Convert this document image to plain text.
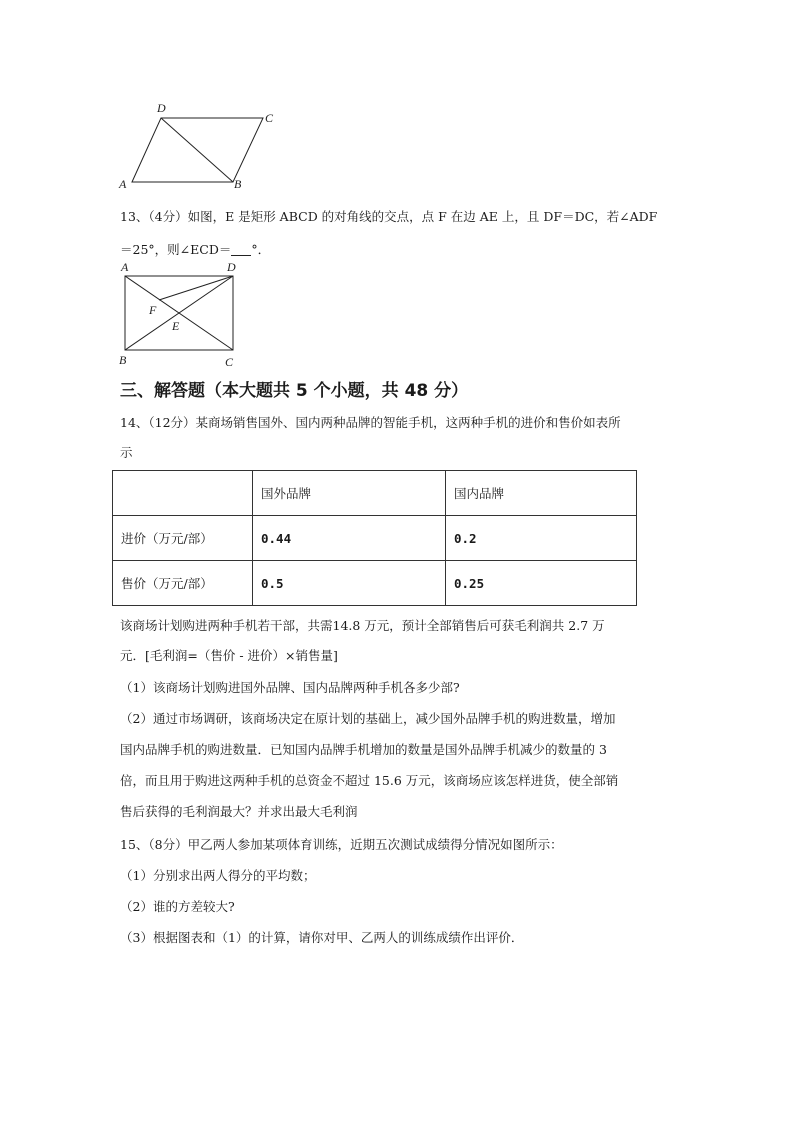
D
C
A	B
13、（4分）如图，E 是矩形 ABCD 的对角线的交点，点 F 在边 AE 上，且 DF＝DC，若∠ADF
＝25°，则∠ECD＝ °．
A	D
F
E
B	C
三、解答题（本大题共 5 个小题，共 48 分）
14、（12分）某商场销售国外、国内两种品牌的智能手机，这两种手机的进价和售价如表所
示
	国外品牌	国内品牌
进价（万元/部）	0.44	0.2
售价（万元/部）	0.5	0.25
该商场计划购进两种手机若干部，共需14.8 万元，预计全部销售后可获毛利润共 2.7 万
元．[毛利润=（售价 - 进价）×销售量]
（1）该商场计划购进国外品牌、国内品牌两种手机各多少部?
（2）通过市场调研，该商场决定在原计划的基础上，减少国外品牌手机的购进数量，增加
国内品牌手机的购进数量．已知国内品牌手机增加的数量是国外品牌手机减少的数量的 3
倍，而且用于购进这两种手机的总资金不超过 15.6 万元，该商场应该怎样进货，使全部销
售后获得的毛利润最大？并求出最大毛利润
15、（8分）甲乙两人参加某项体育训练，近期五次测试成绩得分情况如图所示：
（1）分别求出两人得分的平均数；
（2）谁的方差较大?
（3）根据图表和（1）的计算，请你对甲、乙两人的训练成绩作出评价．
